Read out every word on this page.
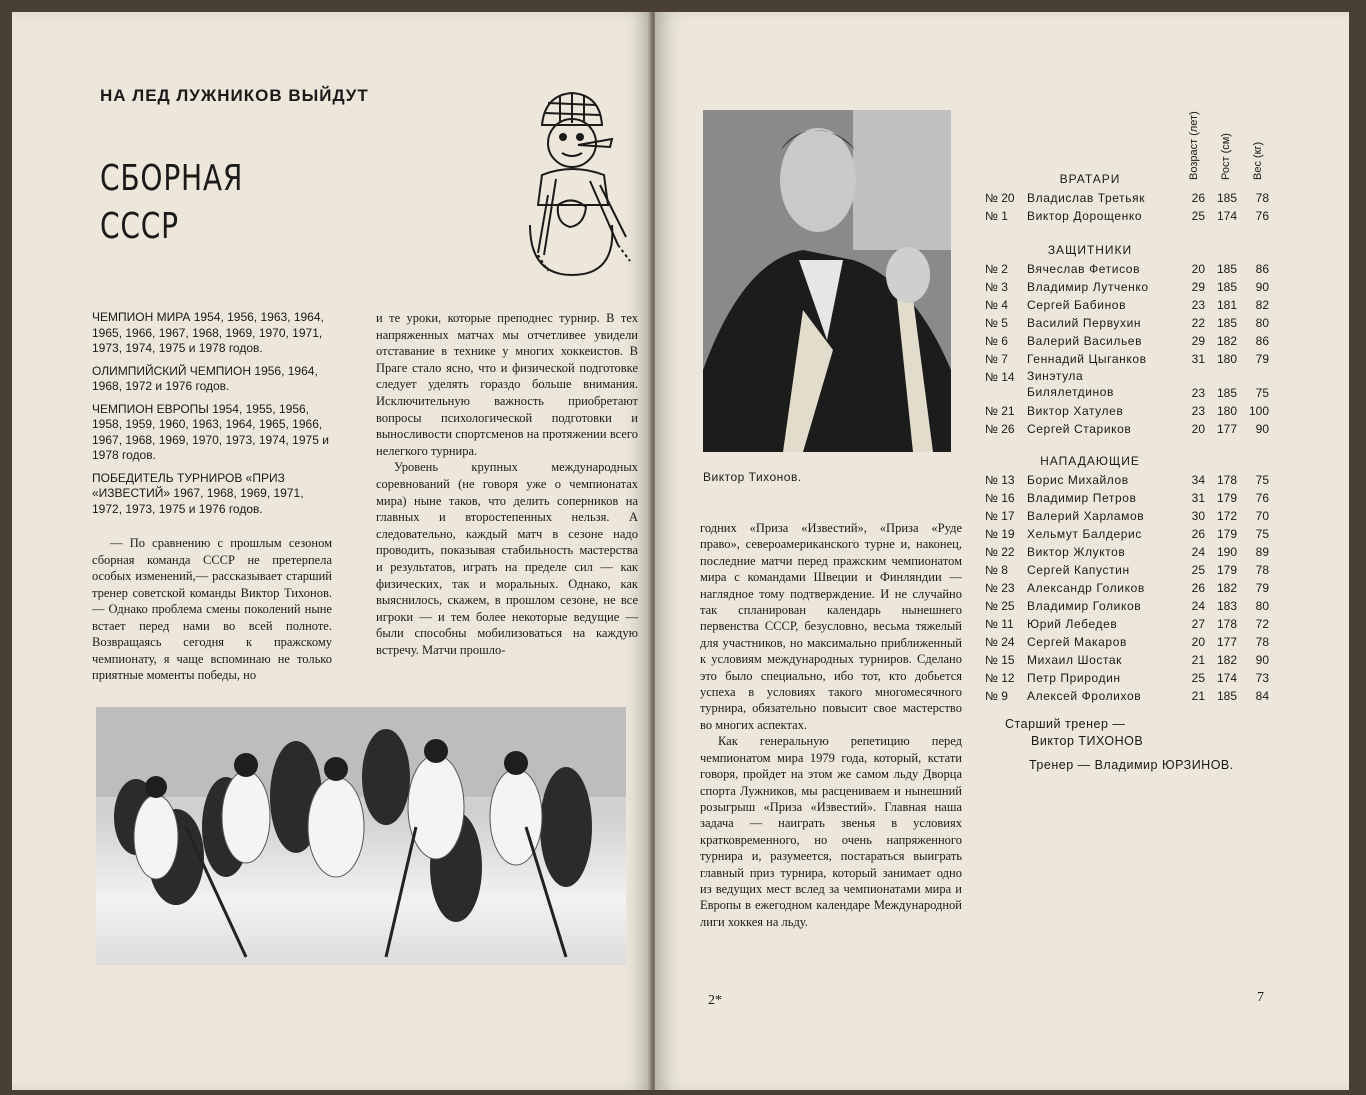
НА ЛЕД ЛУЖНИКОВ ВЫЙДУТ
СБОРНАЯ
СССР

ЧЕМПИОН МИРА 1954, 1956, 1963, 1964, 1965, 1966, 1967, 1968, 1969, 1970, 1971, 1973, 1974, 1975 и 1978 годов.

ОЛИМПИЙСКИЙ ЧЕМПИОН 1956, 1964, 1968, 1972 и 1976 годов.

ЧЕМПИОН ЕВРОПЫ 1954, 1955, 1956, 1958, 1959, 1960, 1963, 1964, 1965, 1966, 1967, 1968, 1969, 1970, 1973, 1974, 1975 и 1978 годов.

ПОБЕДИТЕЛЬ ТУРНИРОВ «ПРИЗ «ИЗВЕСТИЙ» 1967, 1968, 1969, 1971, 1972, 1973, 1975 и 1976 годов.

— По сравнению с прошлым сезоном сборная команда СССР не претерпела особых изменений,— рассказывает старший тренер советской команды Виктор Тихонов.— Однако проблема смены поколений ныне встает перед нами во всей полноте. Возвращаясь сегодня к пражскому чемпионату, я чаще вспоминаю не только приятные моменты победы, но

и те уроки, которые преподнес турнир. В тех напряженных матчах мы отчетливее увидели отставание в технике у многих хоккеистов. В Праге стало ясно, что и физической подготовке следует уделять гораздо больше внимания. Исключительную важность приобретают вопросы психологической подготовки и выносливости спортсменов на протяжении всего нелегкого турнира.

Уровень крупных международных соревнований (не говоря уже о чемпионатах мира) ныне таков, что делить соперников на главных и второстепенных нельзя. А следовательно, каждый матч в сезоне надо проводить, показывая стабильность мастерства и результатов, играть на пределе сил — как физических, так и моральных. Однако, как выяснилось, скажем, в прошлом сезоне, не все игроки — и тем более некоторые ведущие — были способны мобилизоваться на каждую встречу. Матчи прошло-

Виктор Тихонов.

годних «Приза «Известий», «Приза «Руде право», североамериканского турне и, наконец, последние матчи перед пражским чемпионатом мира с командами Швеции и Финляндии — наглядное тому подтверждение. И не случайно так спланирован календарь нынешнего первенства СССР, безусловно, весьма тяжелый для участников, но максимально приближенный к условиям международных турниров. Сделано это было специально, ибо тот, кто добьется успеха в условиях такого многомесячного турнира, обязательно повысит свое мастерство во многих аспектах.

Как генеральную репетицию перед чемпионатом мира 1979 года, который, кстати говоря, пройдет на этом же самом льду Дворца спорта Лужников, мы расцениваем и нынешний розыгрыш «Приза «Известий». Главная наша задача — наиграть звенья в условиях кратковременного, но очень напряженного турнира и, разумеется, постараться выиграть главный приз турнира, который занимает одно из ведущих мест вслед за чемпионатами мира и Европы в ежегодном календаре Международной лиги хоккея на льду.

Возраст (лет) Рост (см) Вес (кг)
ВРАТАРИ
№ 20	Владислав Третьяк	26 185	78
№ 1	Виктор Дорощенко	25 174	76
ЗАЩИТНИКИ
№ 2	Вячеслав Фетисов	20 185	86
№ 3	Владимир Лутченко	29 185	90
№ 4	Сергей Бабинов	23 181	82
№ 5	Василий Первухин	22 185	80
№ 6	Валерий Васильев	29 182	86
№ 7	Геннадий Цыганков	31 180	79
№ 14	Зинэтула Билялетдинов	23 185	75
№ 21	Виктор Хатулев	23 180 100
№ 26	Сергей Стариков	20 177	90
НАПАДАЮЩИЕ
№ 13	Борис Михайлов	34 178	75
№ 16	Владимир Петров	31 179	76
№ 17	Валерий Харламов	30 172	70
№ 19	Хельмут Балдерис	26 179	75
№ 22	Виктор Жлуктов	24 190	89
№ 8	Сергей Капустин	25 179	78
№ 23	Александр Голиков	26 182	79
№ 25	Владимир Голиков	24 183	80
№ 11	Юрий Лебедев	27 178	72
№ 24	Сергей Макаров	20 177	78
№ 15	Михаил Шостак	21 182	90
№ 12	Петр Природин	25 174	73
№ 9	Алексей Фролихов	21 185	84
Старший тренер —
Виктор ТИХОНОВ
Тренер — Владимир ЮРЗИНОВ.
2*	7
